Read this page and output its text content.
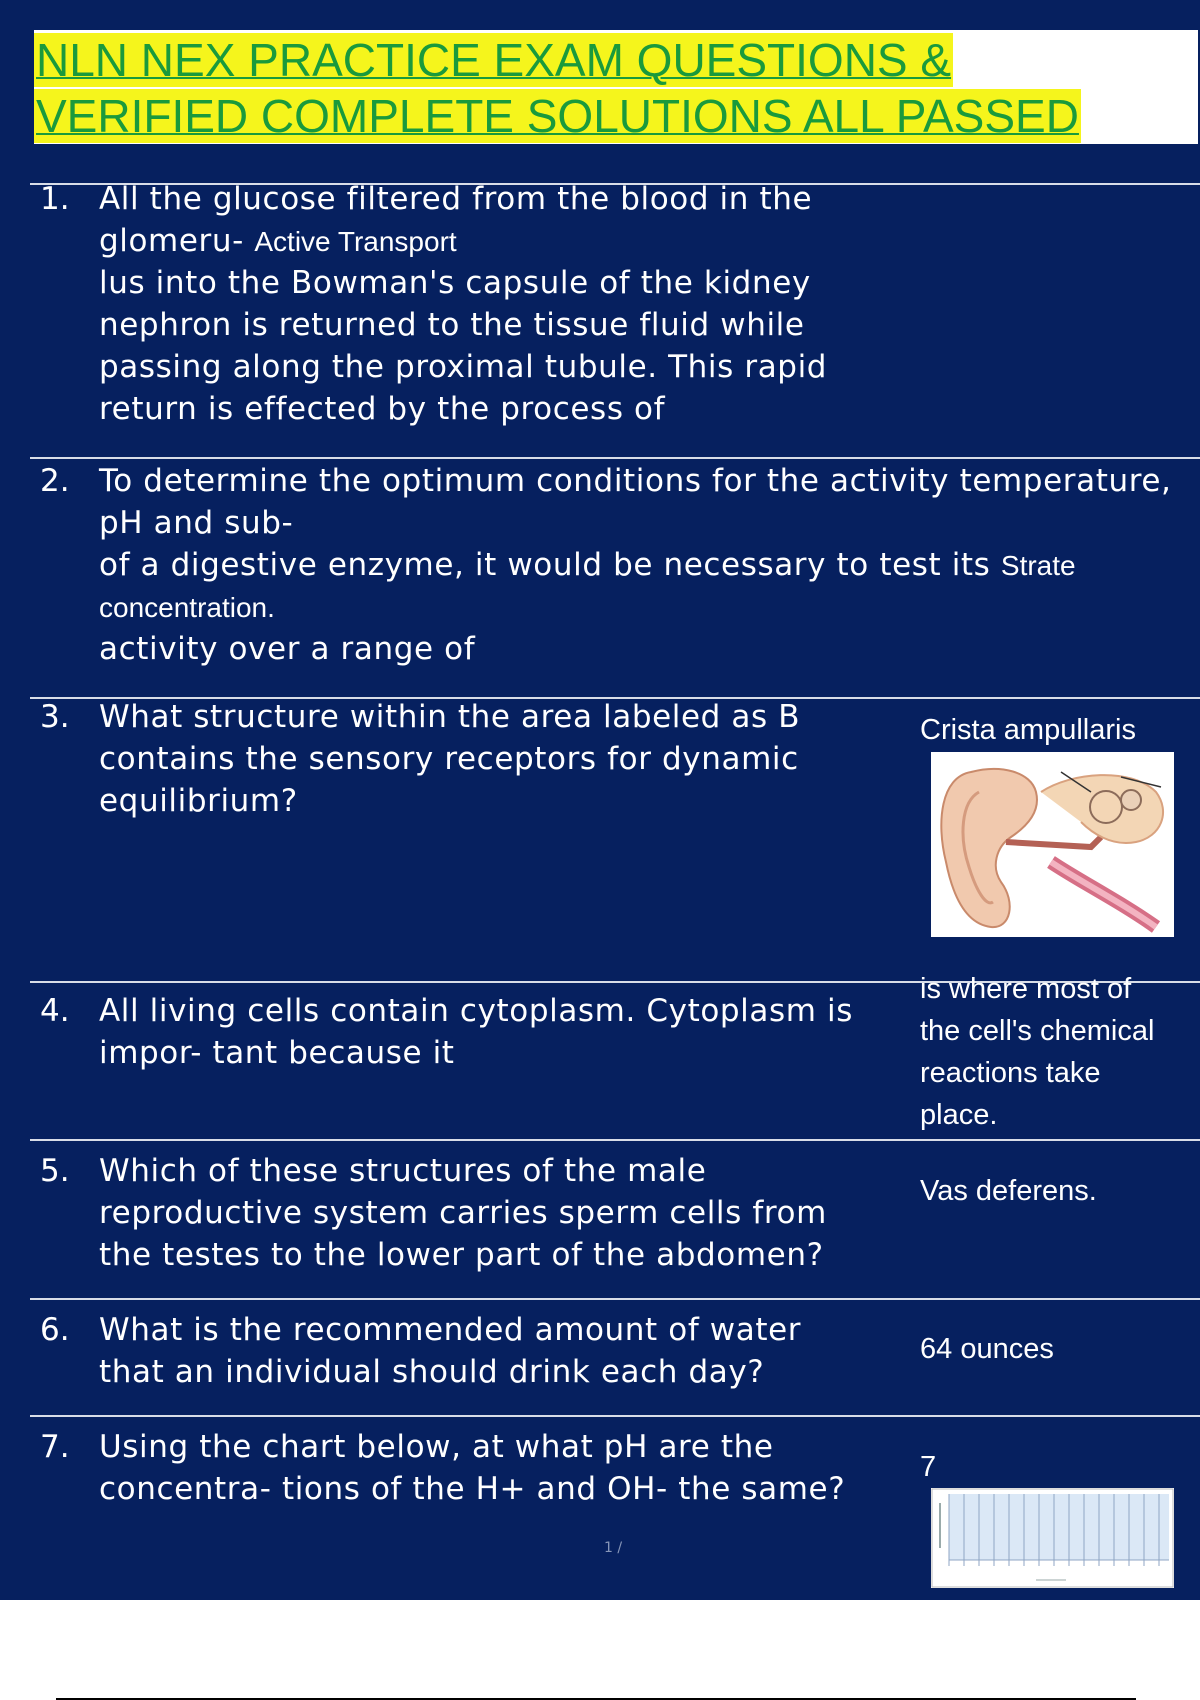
NLN NEX PRACTICE EXAM QUESTIONS &
VERIFIED COMPLETE SOLUTIONS ALL PASSED
1. All the glucose filtered from the blood in the glomeru- Active Transport
lus into the Bowman's capsule of the kidney
nephron is returned to the tissue fluid while
passing along the proximal tubule. This rapid
return is effected by the process of
2. To determine the optimum conditions for the activity temperature, pH and sub-
of a digestive enzyme, it would be necessary to test its Strate concentration.
activity over a range of
3. What structure within the area labeled as B
contains the sensory receptors for dynamic
equilibrium?
Crista ampullaris
4. All living cells contain cytoplasm. Cytoplasm is
impor- tant because it
is where most of the cell's chemical reactions take place.
5. Which of these structures of the male
reproductive system carries sperm cells from
the testes to the lower part of the abdomen?
Vas deferens.
6. What is the recommended amount of water
that an individual should drink each day?
64 ounces
7. Using the chart below, at what pH are the
concentra- tions of the H+ and OH- the same?
7
1 /
